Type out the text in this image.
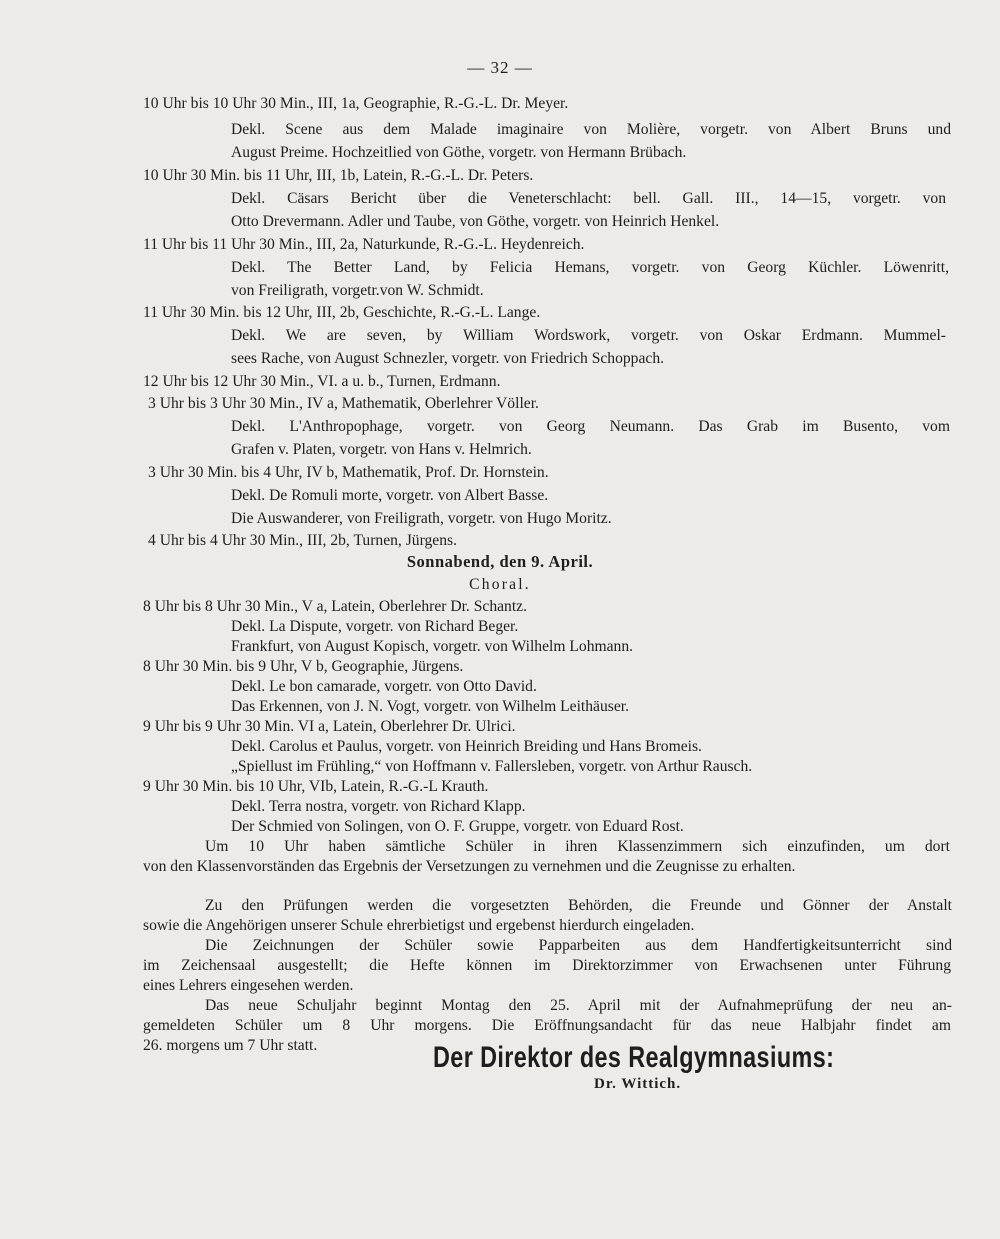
— 32 —
10 Uhr bis 10 Uhr 30 Min., III, 1a, Geographie, R.-G.-L. Dr. Meyer.
Dekl. Scene aus dem Malade imaginaire von Molière, vorgetr. von Albert Bruns und
August Preime. Hochzeitlied von Göthe, vorgetr. von Hermann Brübach.
10 Uhr 30 Min. bis 11 Uhr, III, 1b, Latein, R.-G.-L. Dr. Peters.
Dekl. Cäsars Bericht über die Veneterschlacht: bell. Gall. III., 14—15, vorgetr. von
Otto Drevermann. Adler und Taube, von Göthe, vorgetr. von Heinrich Henkel.
11 Uhr bis 11 Uhr 30 Min., III, 2a, Naturkunde, R.-G.-L. Heydenreich.
Dekl. The Better Land, by Felicia Hemans, vorgetr. von Georg Küchler. Löwenritt,
von Freiligrath, vorgetr.von W. Schmidt.
11 Uhr 30 Min. bis 12 Uhr, III, 2b, Geschichte, R.-G.-L. Lange.
Dekl. We are seven, by William Wordswork, vorgetr. von Oskar Erdmann. Mummel-
sees Rache, von August Schnezler, vorgetr. von Friedrich Schoppach.
12 Uhr bis 12 Uhr 30 Min., VI. a u. b., Turnen, Erdmann.
3 Uhr bis 3 Uhr 30 Min., IV a, Mathematik, Oberlehrer Völler.
Dekl. L'Anthropophage, vorgetr. von Georg Neumann. Das Grab im Busento, vom
Grafen v. Platen, vorgetr. von Hans v. Helmrich.
3 Uhr 30 Min. bis 4 Uhr, IV b, Mathematik, Prof. Dr. Hornstein.
Dekl. De Romuli morte, vorgetr. von Albert Basse.
Die Auswanderer, von Freiligrath, vorgetr. von Hugo Moritz.
4 Uhr bis 4 Uhr 30 Min., III, 2b, Turnen, Jürgens.
Sonnabend, den 9. April.
Choral.
8 Uhr bis 8 Uhr 30 Min., V a, Latein, Oberlehrer Dr. Schantz.
Dekl. La Dispute, vorgetr. von Richard Beger.
Frankfurt, von August Kopisch, vorgetr. von Wilhelm Lohmann.
8 Uhr 30 Min. bis 9 Uhr, V b, Geographie, Jürgens.
Dekl. Le bon camarade, vorgetr. von Otto David.
Das Erkennen, von J. N. Vogt, vorgetr. von Wilhelm Leithäuser.
9 Uhr bis 9 Uhr 30 Min. VI a, Latein, Oberlehrer Dr. Ulrici.
Dekl. Carolus et Paulus, vorgetr. von Heinrich Breiding und Hans Bromeis.
„Spiellust im Frühling,“ von Hoffmann v. Fallersleben, vorgetr. von Arthur Rausch.
9 Uhr 30 Min. bis 10 Uhr, VIb, Latein, R.-G.-L Krauth.
Dekl. Terra nostra, vorgetr. von Richard Klapp.
Der Schmied von Solingen, von O. F. Gruppe, vorgetr. von Eduard Rost.
Um 10 Uhr haben sämtliche Schüler in ihren Klassenzimmern sich einzufinden, um dort
von den Klassenvorständen das Ergebnis der Versetzungen zu vernehmen und die Zeugnisse zu erhalten.
Zu den Prüfungen werden die vorgesetzten Behörden, die Freunde und Gönner der Anstalt
sowie die Angehörigen unserer Schule ehrerbietigst und ergebenst hierdurch eingeladen.
Die Zeichnungen der Schüler sowie Papparbeiten aus dem Handfertigkeitsunterricht sind
im Zeichensaal ausgestellt; die Hefte können im Direktorzimmer von Erwachsenen unter Führung
eines Lehrers eingesehen werden.
Das neue Schuljahr beginnt Montag den 25. April mit der Aufnahmeprüfung der neu an-
gemeldeten Schüler um 8 Uhr morgens. Die Eröffnungsandacht für das neue Halbjahr findet am
26. morgens um 7 Uhr statt.	Der Direktor des Realgymnasiums:
Dr. Wittich.
